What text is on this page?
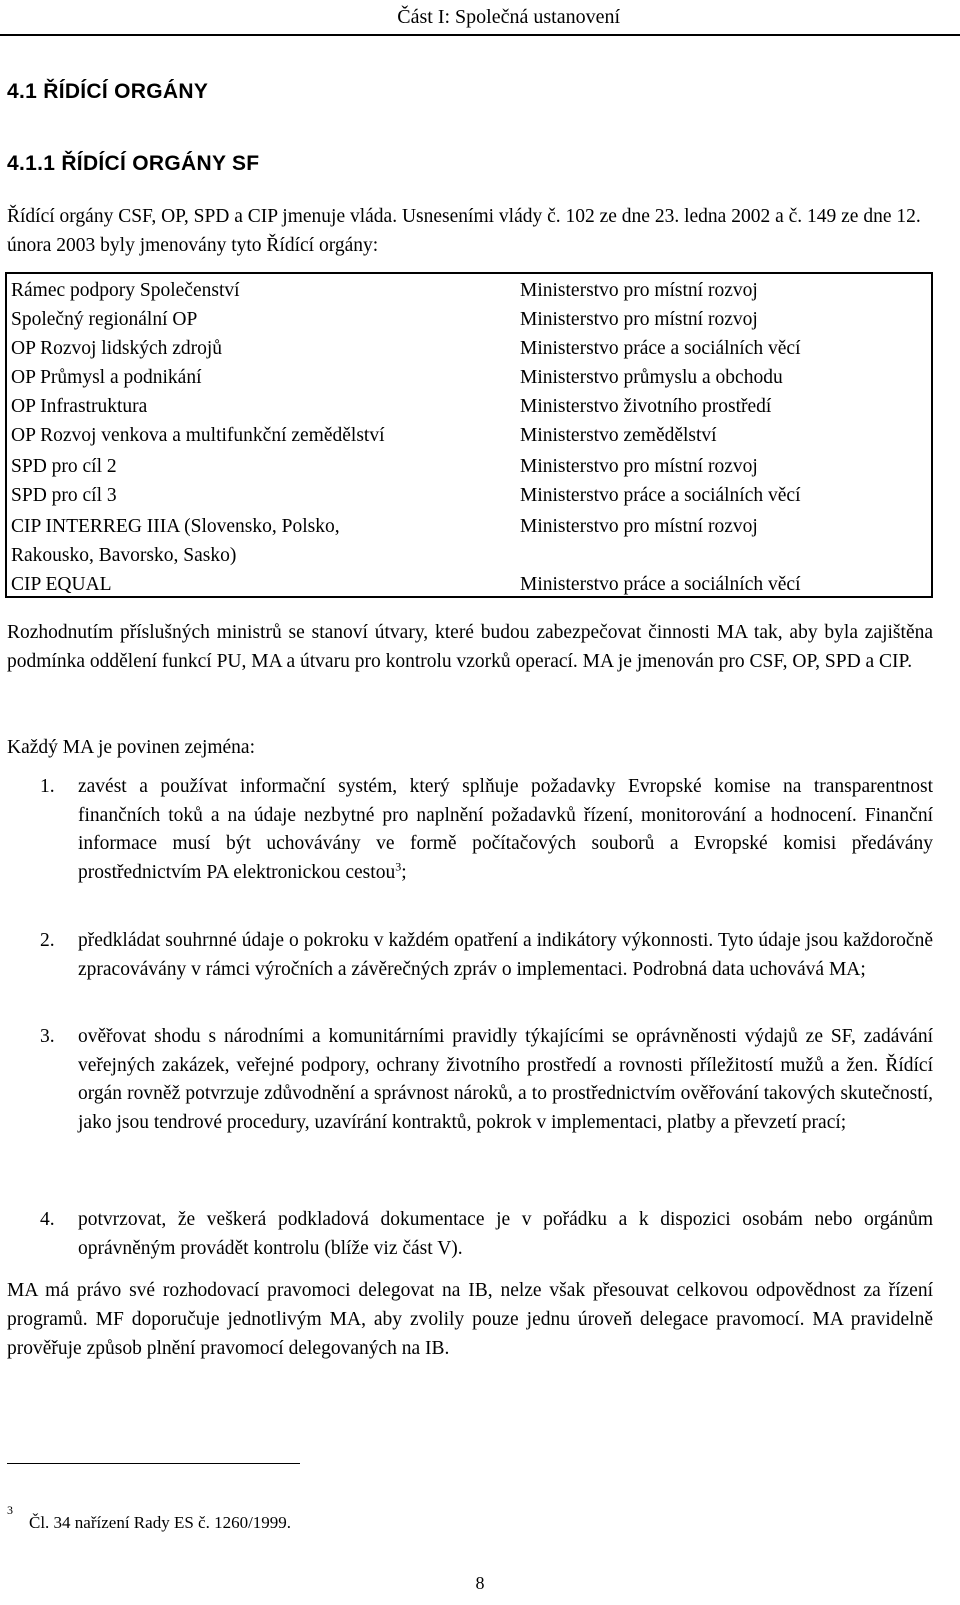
Část I: Společná ustanovení
4.1 ŘÍDÍCÍ ORGÁNY
4.1.1 ŘÍDÍCÍ ORGÁNY SF
Řídící orgány CSF, OP, SPD a CIP jmenuje vláda. Usneseními vlády č. 102 ze dne 23. ledna 2002 a č. 149 ze dne 12. února 2003 byly jmenovány tyto Řídící orgány:
Rámec podpory Společenství	Ministerstvo pro místní rozvoj
Společný regionální OP	Ministerstvo pro místní rozvoj
OP Rozvoj lidských zdrojů	Ministerstvo práce a sociálních věcí
OP Průmysl a podnikání	Ministerstvo průmyslu a obchodu
OP Infrastruktura	Ministerstvo životního prostředí
OP Rozvoj venkova a multifunkční zemědělství	Ministerstvo zemědělství
SPD pro cíl 2	Ministerstvo pro místní rozvoj
SPD pro cíl 3	Ministerstvo práce a sociálních věcí
CIP INTERREG IIIA (Slovensko, Polsko,	Ministerstvo pro místní rozvoj
Rakousko, Bavorsko, Sasko)
CIP EQUAL	Ministerstvo práce a sociálních věcí
Rozhodnutím příslušných ministrů se stanoví útvary, které budou zabezpečovat činnosti MA tak, aby byla zajištěna podmínka oddělení funkcí PU, MA a útvaru pro kontrolu vzorků operací. MA je jmenován pro CSF, OP, SPD a CIP.
Každý MA je povinen zejména:
1. zavést a používat informační systém, který splňuje požadavky Evropské komise na transparentnost finančních toků a na údaje nezbytné pro naplnění požadavků řízení, monitorování a hodnocení. Finanční informace musí být uchovávány ve formě počítačových souborů a Evropské komisi předávány prostřednictvím PA elektronickou cestou$^3$;
2. předkládat souhrnné údaje o pokroku v každém opatření a indikátory výkonnosti. Tyto údaje jsou každoročně zpracovávány v rámci výročních a závěrečných zpráv o implementaci. Podrobná data uchovává MA;
3. ověřovat shodu s národními a komunitárními pravidly týkajícími se oprávněnosti výdajů ze SF, zadávání veřejných zakázek, veřejné podpory, ochrany životního prostředí a rovnosti příležitostí mužů a žen. Řídící orgán rovněž potvrzuje zdůvodnění a správnost nároků, a to prostřednictvím ověřování takových skutečností, jako jsou tendrové procedury, uzavírání kontraktů, pokrok v implementaci, platby a převzetí prací;
4. potvrzovat, že veškerá podkladová dokumentace je v pořádku a k dispozici osobám nebo orgánům oprávněným provádět kontrolu (blíže viz část V).
MA má právo své rozhodovací pravomoci delegovat na IB, nelze však přesouvat celkovou odpovědnost za řízení programů. MF doporučuje jednotlivým MA, aby zvolily pouze jednu úroveň delegace pravomocí. MA pravidelně prověřuje způsob plnění pravomocí delegovaných na IB.
3
Čl. 34 nařízení Rady ES č. 1260/1999.
8
